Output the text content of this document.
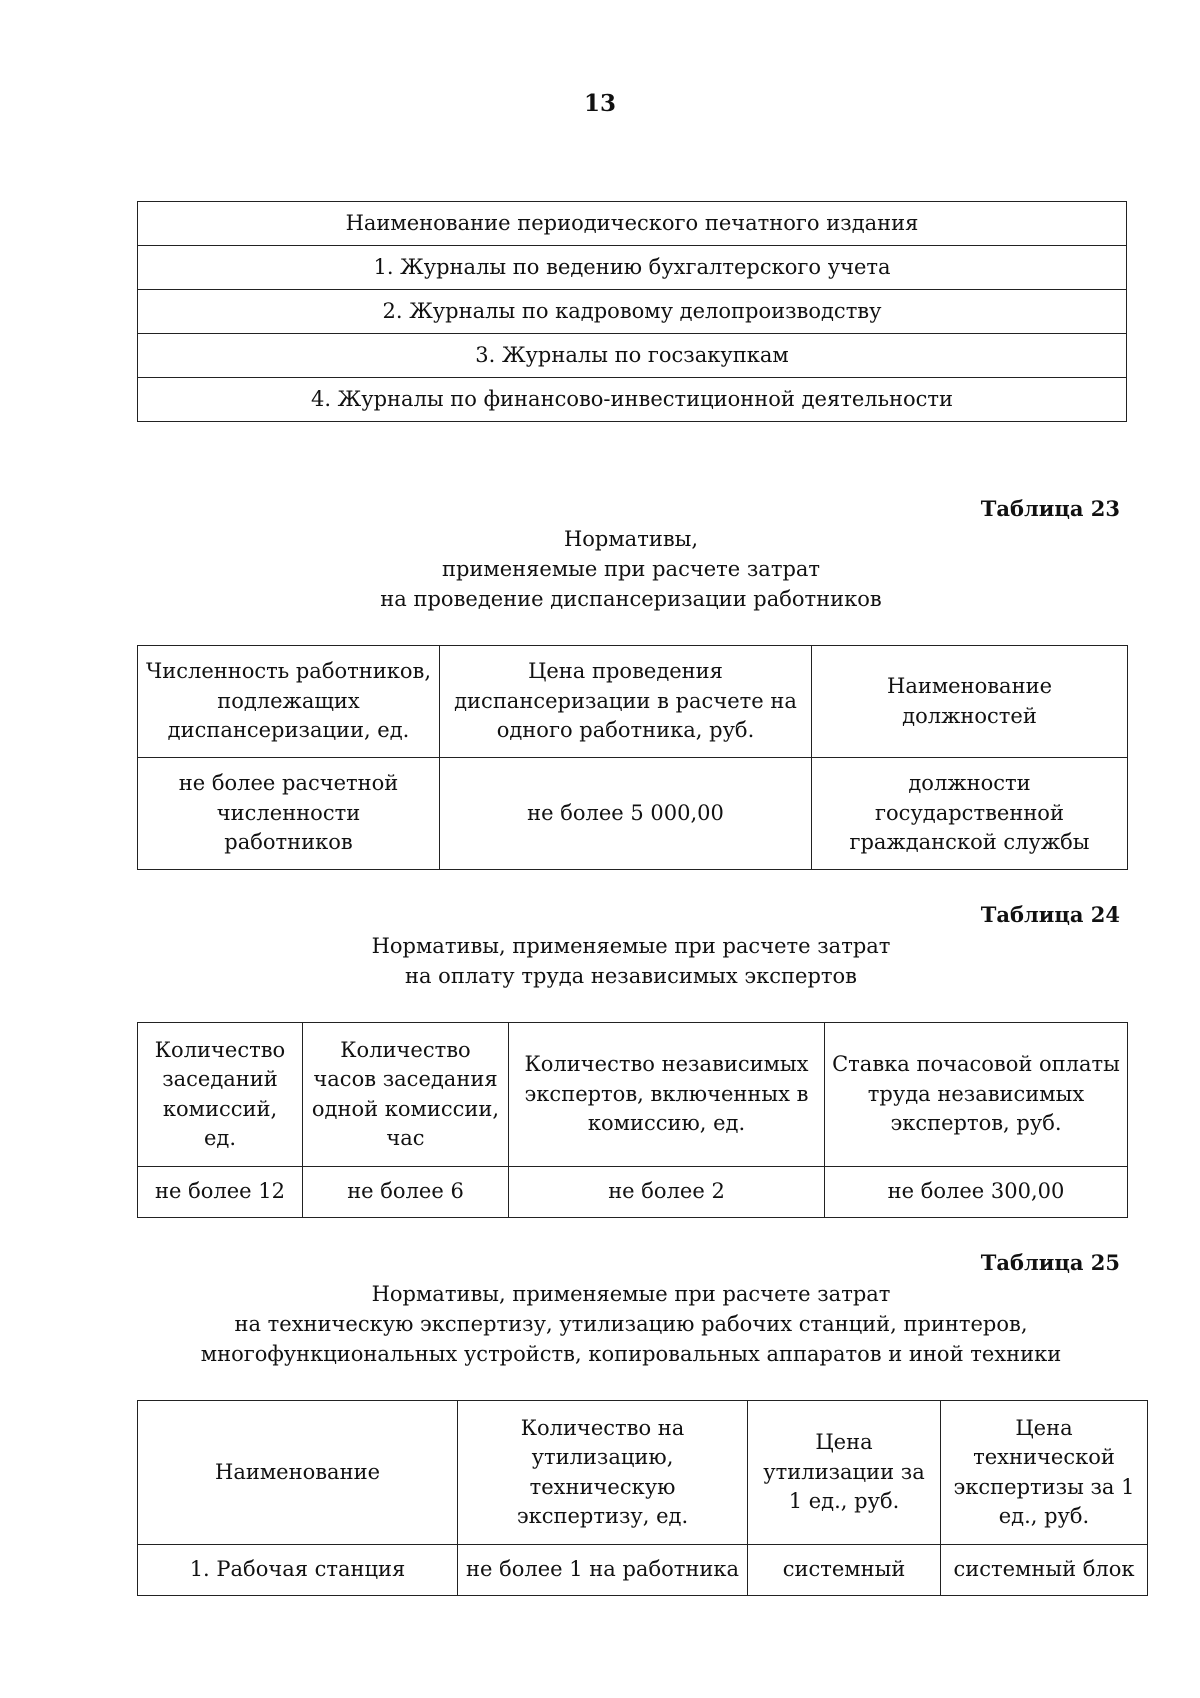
13
Наименование периодического печатного издания
1. Журналы по ведению бухгалтерского учета
2. Журналы по кадровому делопроизводству
3. Журналы по госзакупкам
4. Журналы по финансово-инвестиционной деятельности
Таблица 23
Нормативы,
применяемые при расчете затрат
на проведение диспансеризации работников
Численность работников, подлежащих диспансеризации, ед.	Цена проведения диспансеризации в расчете на одного работника, руб.	Наименование должностей
не более расчетной численности работников	не более 5 000,00	должности государственной гражданской службы
Таблица 24
Нормативы, применяемые при расчете затрат
на оплату труда независимых экспертов
Количество заседаний комиссий, ед.	Количество часов заседания одной комиссии, час	Количество независимых экспертов, включенных в комиссию, ед.	Ставка почасовой оплаты труда независимых экспертов, руб.
не более 12	не более 6	не более 2	не более 300,00
Таблица 25
Нормативы, применяемые при расчете затрат
на техническую экспертизу, утилизацию рабочих станций, принтеров,
многофункциональных устройств, копировальных аппаратов и иной техники
Наименование	Количество на утилизацию, техническую экспертизу, ед.	Цена утилизации за 1 ед., руб.	Цена технической экспертизы за 1 ед., руб.
1. Рабочая станция	не более 1 на работника	системный	системный блок
